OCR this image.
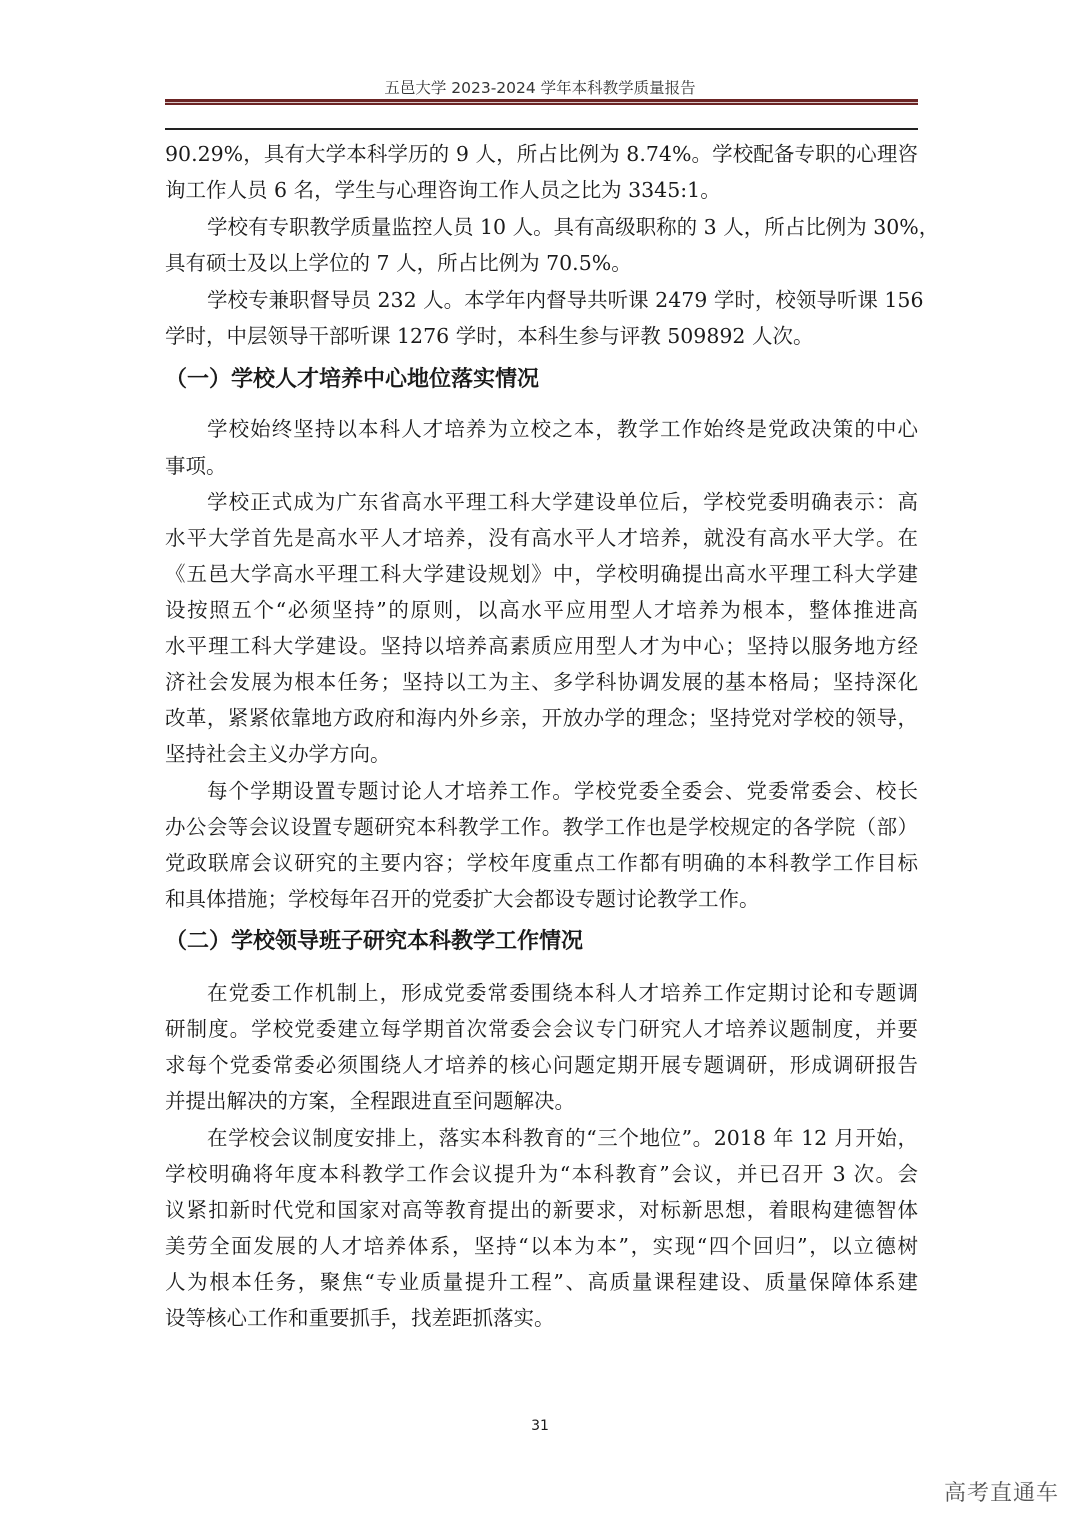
五邑大学 2023-2024 学年本科教学质量报告
90.29%，具有大学本科学历的 9 人，所占比例为 8.74%。学校配备专职的心理咨
询工作人员 6 名，学生与心理咨询工作人员之比为 3345:1。
学校有专职教学质量监控人员 10 人。具有高级职称的 3 人，所占比例为 30%，
具有硕士及以上学位的 7 人，所占比例为 70.5%。
学校专兼职督导员 232 人。本学年内督导共听课 2479 学时，校领导听课 156
学时，中层领导干部听课 1276 学时，本科生参与评教 509892 人次。
（一）学校人才培养中心地位落实情况
学校始终坚持以本科人才培养为立校之本，教学工作始终是党政决策的中心
事项。
学校正式成为广东省高水平理工科大学建设单位后，学校党委明确表示：高
水平大学首先是高水平人才培养，没有高水平人才培养，就没有高水平大学。在
《五邑大学高水平理工科大学建设规划》中，学校明确提出高水平理工科大学建
设按照五个“必须坚持”的原则，以高水平应用型人才培养为根本，整体推进高
水平理工科大学建设。坚持以培养高素质应用型人才为中心；坚持以服务地方经
济社会发展为根本任务；坚持以工为主、多学科协调发展的基本格局；坚持深化
改革，紧紧依靠地方政府和海内外乡亲，开放办学的理念；坚持党对学校的领导，
坚持社会主义办学方向。
每个学期设置专题讨论人才培养工作。学校党委全委会、党委常委会、校长
办公会等会议设置专题研究本科教学工作。教学工作也是学校规定的各学院（部）
党政联席会议研究的主要内容；学校年度重点工作都有明确的本科教学工作目标
和具体措施；学校每年召开的党委扩大会都设专题讨论教学工作。
（二）学校领导班子研究本科教学工作情况
在党委工作机制上，形成党委常委围绕本科人才培养工作定期讨论和专题调
研制度。学校党委建立每学期首次常委会会议专门研究人才培养议题制度，并要
求每个党委常委必须围绕人才培养的核心问题定期开展专题调研，形成调研报告
并提出解决的方案，全程跟进直至问题解决。
在学校会议制度安排上，落实本科教育的“三个地位”。2018 年 12 月开始，
学校明确将年度本科教学工作会议提升为“本科教育”会议，并已召开 3 次。会
议紧扣新时代党和国家对高等教育提出的新要求，对标新思想，着眼构建德智体
美劳全面发展的人才培养体系，坚持“以本为本”，实现“四个回归”，以立德树
人为根本任务，聚焦“专业质量提升工程”、高质量课程建设、质量保障体系建
设等核心工作和重要抓手，找差距抓落实。
31
高考直通车
